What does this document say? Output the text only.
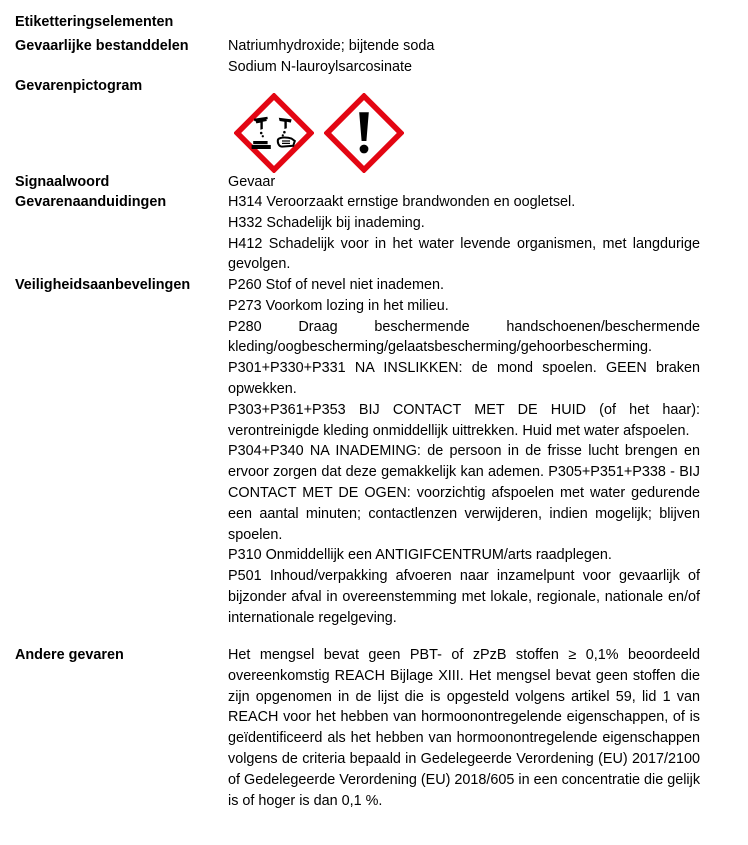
Etiketteringselementen
Gevaarlijke bestanddelen	Natriumhydroxide; bijtende soda
Sodium N-lauroylsarcosinate
Gevarenpictogram
Signaalwoord	Gevaar
Gevarenaanduidingen	H314 Veroorzaakt ernstige brandwonden en oogletsel.
H332 Schadelijk bij inademing.
H412 Schadelijk voor in het water levende organismen, met langdurige gevolgen.
Veiligheidsaanbevelingen	P260 Stof of nevel niet inademen.
P273 Voorkom lozing in het milieu.
P280 Draag beschermende handschoenen/beschermende kleding/oogbescherming/gelaatsbescherming/gehoorbescherming.
P301+P330+P331 NA INSLIKKEN: de mond spoelen. GEEN braken opwekken.
P303+P361+P353 BIJ CONTACT MET DE HUID (of het haar): verontreinigde kleding onmiddellijk uittrekken. Huid met water afspoelen.
P304+P340 NA INADEMING: de persoon in de frisse lucht brengen en ervoor zorgen dat deze gemakkelijk kan ademen. P305+P351+P338 - BIJ CONTACT MET DE OGEN: voorzichtig afspoelen met water gedurende een aantal minuten; contactlenzen verwijderen, indien mogelijk; blijven spoelen.
P310 Onmiddellijk een ANTIGIFCENTRUM/arts raadplegen.
P501 Inhoud/verpakking afvoeren naar inzamelpunt voor gevaarlijk of bijzonder afval in overeenstemming met lokale, regionale, nationale en/of internationale regelgeving.
Andere gevaren	Het mengsel bevat geen PBT- of zPzB stoffen ≥ 0,1% beoordeeld overeenkomstig REACH Bijlage XIII. Het mengsel bevat geen stoffen die zijn opgenomen in de lijst die is opgesteld volgens artikel 59, lid 1 van REACH voor het hebben van hormoonontregelende eigenschappen, of is geïdentificeerd als het hebben van hormoonontregelende eigenschappen volgens de criteria bepaald in Gedelegeerde Verordening (EU) 2017/2100 of Gedelegeerde Verordening (EU) 2018/605 in een concentratie die gelijk is of hoger is dan 0,1 %.
